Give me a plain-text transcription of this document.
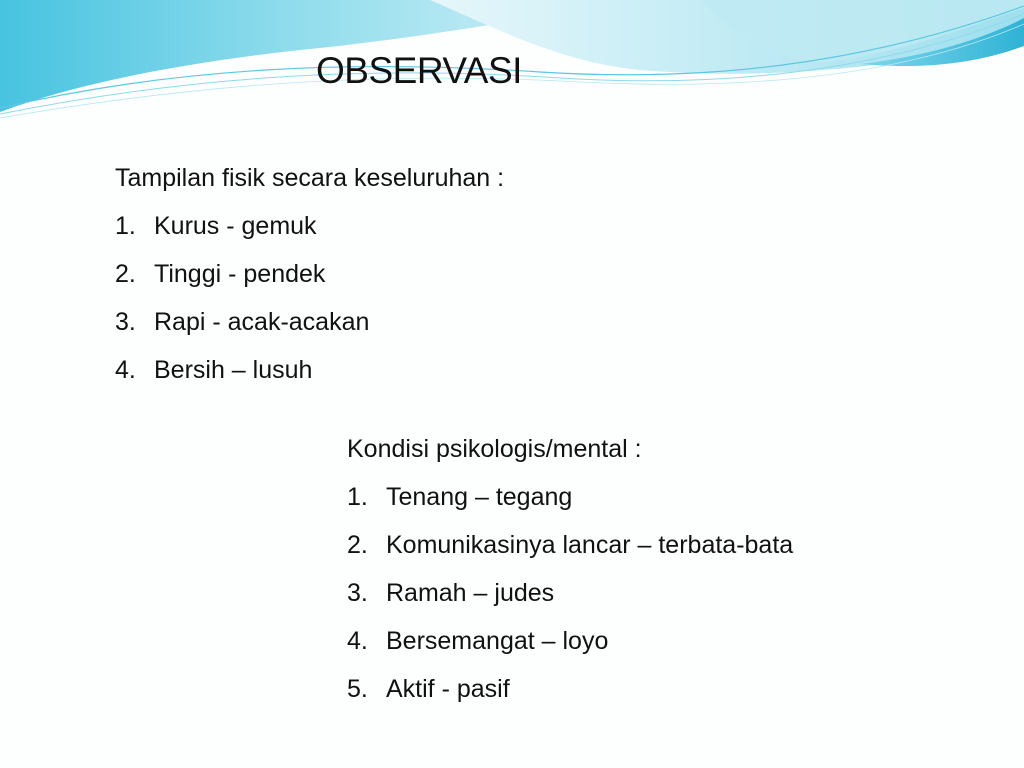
OBSERVASI
Tampilan fisik secara keseluruhan :
1. Kurus - gemuk
2. Tinggi - pendek
3. Rapi - acak-acakan
4. Bersih – lusuh
Kondisi psikologis/mental :
1. Tenang – tegang
2. Komunikasinya lancar – terbata-bata
3. Ramah – judes
4. Bersemangat – loyo
5. Aktif - pasif
